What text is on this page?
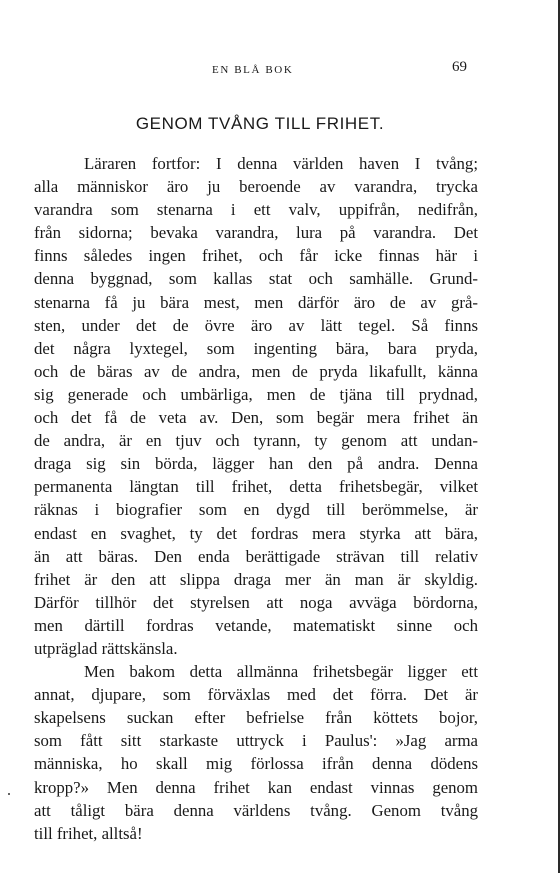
EN BLÅ BOK	69
GENOM TVÅNG TILL FRIHET.
Läraren fortfor: I denna världen haven I tvång;
alla människor äro ju beroende av varandra, trycka
varandra som stenarna i ett valv, uppifrån, nedifrån,
från sidorna; bevaka varandra, lura på varandra. Det
finns således ingen frihet, och får icke finnas här i
denna byggnad, som kallas stat och samhälle. Grund-
stenarna få ju bära mest, men därför äro de av grå-
sten, under det de övre äro av lätt tegel. Så finns
det några lyxtegel, som ingenting bära, bara pryda,
och de bäras av de andra, men de pryda likafullt, känna
sig generade och umbärliga, men de tjäna till prydnad,
och det få de veta av. Den, som begär mera frihet än
de andra, är en tjuv och tyrann, ty genom att undan-
draga sig sin börda, lägger han den på andra. Denna
permanenta längtan till frihet, detta frihetsbegär, vilket
räknas i biografier som en dygd till berömmelse, är
endast en svaghet, ty det fordras mera styrka att bära,
än att bäras. Den enda berättigade strävan till relativ
frihet är den att slippa draga mer än man är skyldig.
Därför tillhör det styrelsen att noga avväga bördorna,
men därtill fordras vetande, matematiskt sinne och
utpräglad rättskänsla.
Men bakom detta allmänna frihetsbegär ligger ett
annat, djupare, som förväxlas med det förra. Det är
skapelsens suckan efter befrielse från köttets bojor,
som fått sitt starkaste uttryck i Paulus': »Jag arma
människa, ho skall mig förlossa ifrån denna dödens
kropp?» Men denna frihet kan endast vinnas genom
att tåligt bära denna världens tvång. Genom tvång
till frihet, alltså!
